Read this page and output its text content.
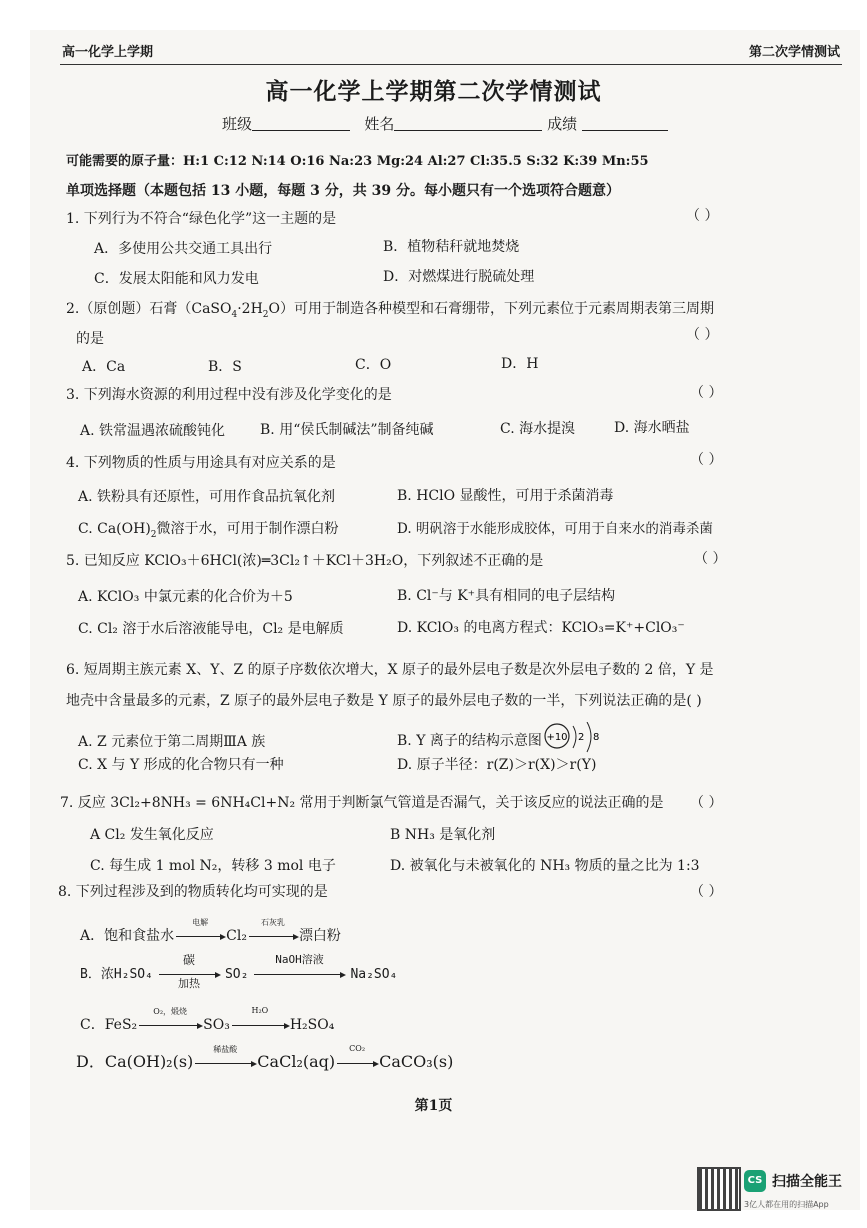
高一化学上学期	第二次学情测试
高一化学上学期第二次学情测试
班级	姓名	成绩
可能需要的原子量：H:1 C:12 N:14 O:16 Na:23 Mg:24 Al:27 Cl:35.5 S:32 K:39 Mn:55
单项选择题（本题包括 13 小题，每题 3 分，共 39 分。每小题只有一个选项符合题意）
1. 下列行为不符合“绿色化学”这一主题的是	（ ）
A．多使用公共交通工具出行	B．植物秸秆就地焚烧
C．发展太阳能和风力发电	D．对燃煤进行脱硫处理
2.（原创题）石膏$(CaSO_4\cdot 2H_2O)$可用于制造各种模型和石膏绷带，下列元素位于元素周期表第三周期
的是	（ ）
A．Ca	B．S	C．O	D．H
3. 下列海水资源的利用过程中没有涉及化学变化的是	（ ）
A. 铁常温遇浓硫酸钝化 B. 用“侯氏制碱法”制备纯碱	C. 海水提溴	D. 海水晒盐
4. 下列物质的性质与用途具有对应关系的是	（ ）
A. 铁粉具有还原性，可用作食品抗氧化剂	B. HClO 显酸性，可用于杀菌消毒
C. $Ca(OH)_2$微溶于水，可用于制作漂白粉	D. 明矾溶于水能形成胶体，可用于自来水的消毒杀菌
5. 已知反应 KClO₃＋6HCl(浓)═3Cl₂↑＋KCl＋3H₂O，下列叙述不正确的是	（ ）
A. KClO₃ 中氯元素的化合价为＋5	B. Cl⁻与 K⁺具有相同的电子层结构
C. Cl₂ 溶于水后溶液能导电，Cl₂ 是电解质	D. KClO₃ 的电离方程式：KClO₃=K⁺+ClO₃⁻
6. 短周期主族元素 X、Y、Z 的原子序数依次增大，X 原子的最外层电子数是次外层电子数的 2 倍，Y 是
地壳中含量最多的元素，Z 原子的最外层电子数是 Y 原子的最外层电子数的一半，下列说法正确的是( )
A. Z 元素位于第二周期ⅢA 族	B. Y 离子的结构示意图 +10 2 8
C. X 与 Y 形成的化合物只有一种	D. 原子半径：r(Z)＞r(X)＞r(Y)
7. 反应 3Cl₂+8NH₃ = 6NH₄Cl+N₂ 常用于判断氯气管道是否漏气，关于该反应的说法正确的是 （ ）
A Cl₂ 发生氧化反应	B NH₃ 是氧化剂
C. 每生成 1 mol N₂，转移 3 mol 电子	D. 被氧化与未被氧化的 NH₃ 物质的量之比为 1:3
8. 下列过程涉及到的物质转化均可实现的是	（ ）
A．饱和食盐水
电解
Cl₂
石灰乳
漂白粉
B．浓H₂SO₄
碳
加热
SO₂
NaOH溶液
Na₂SO₄
C．FeS₂
O₂，煅烧
SO₃
H₂O
H₂SO₄
D．Ca(OH)₂(s)
稀盐酸
CaCl₂(aq)
CO₂
CaCO₃(s)
第1页
CS 扫描全能王
3亿人都在用的扫描App
